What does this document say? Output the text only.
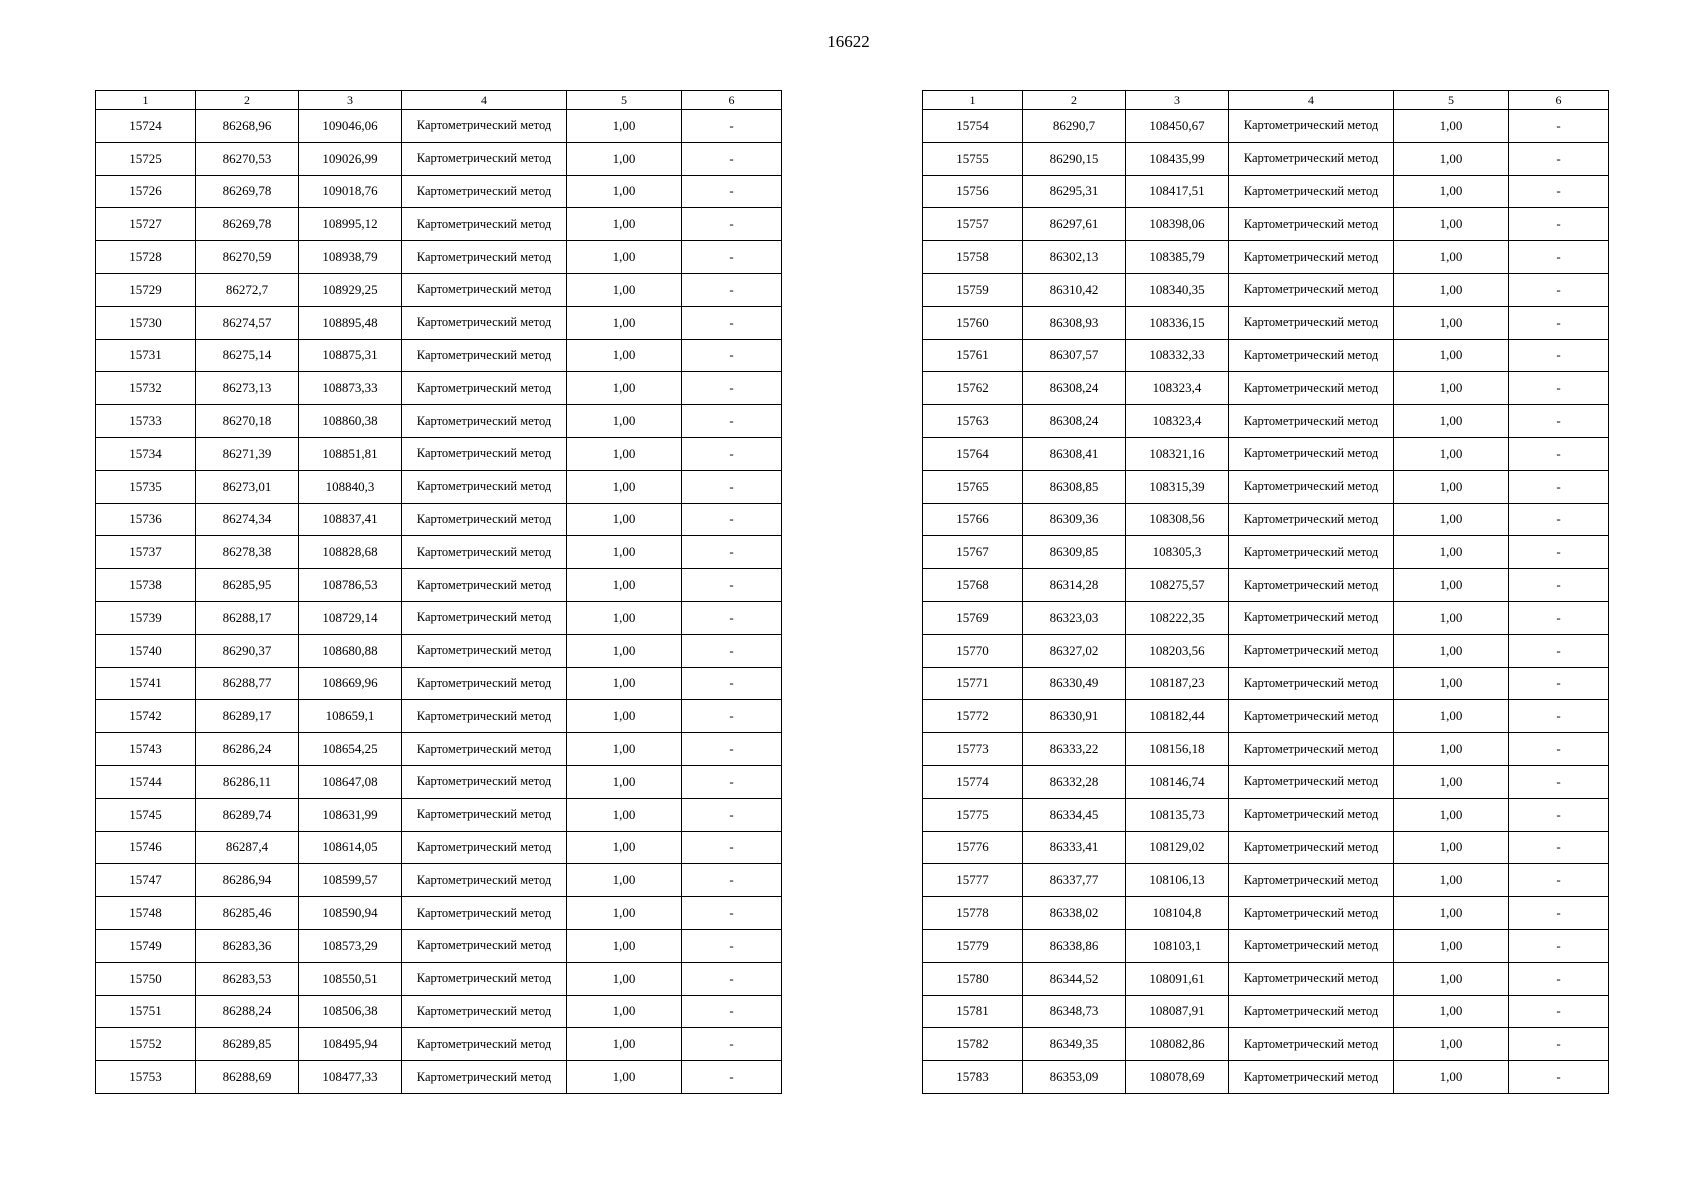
16622
1	2	3	4	5	6
15724	86268,96	109046,06	Картометрический метод	1,00	-
15725	86270,53	109026,99	Картометрический метод	1,00	-
15726	86269,78	109018,76	Картометрический метод	1,00	-
15727	86269,78	108995,12	Картометрический метод	1,00	-
15728	86270,59	108938,79	Картометрический метод	1,00	-
15729	86272,7	108929,25	Картометрический метод	1,00	-
15730	86274,57	108895,48	Картометрический метод	1,00	-
15731	86275,14	108875,31	Картометрический метод	1,00	-
15732	86273,13	108873,33	Картометрический метод	1,00	-
15733	86270,18	108860,38	Картометрический метод	1,00	-
15734	86271,39	108851,81	Картометрический метод	1,00	-
15735	86273,01	108840,3	Картометрический метод	1,00	-
15736	86274,34	108837,41	Картометрический метод	1,00	-
15737	86278,38	108828,68	Картометрический метод	1,00	-
15738	86285,95	108786,53	Картометрический метод	1,00	-
15739	86288,17	108729,14	Картометрический метод	1,00	-
15740	86290,37	108680,88	Картометрический метод	1,00	-
15741	86288,77	108669,96	Картометрический метод	1,00	-
15742	86289,17	108659,1	Картометрический метод	1,00	-
15743	86286,24	108654,25	Картометрический метод	1,00	-
15744	86286,11	108647,08	Картометрический метод	1,00	-
15745	86289,74	108631,99	Картометрический метод	1,00	-
15746	86287,4	108614,05	Картометрический метод	1,00	-
15747	86286,94	108599,57	Картометрический метод	1,00	-
15748	86285,46	108590,94	Картометрический метод	1,00	-
15749	86283,36	108573,29	Картометрический метод	1,00	-
15750	86283,53	108550,51	Картометрический метод	1,00	-
15751	86288,24	108506,38	Картометрический метод	1,00	-
15752	86289,85	108495,94	Картометрический метод	1,00	-
15753	86288,69	108477,33	Картометрический метод	1,00	-
1	2	3	4	5	6
15754	86290,7	108450,67	Картометрический метод	1,00	-
15755	86290,15	108435,99	Картометрический метод	1,00	-
15756	86295,31	108417,51	Картометрический метод	1,00	-
15757	86297,61	108398,06	Картометрический метод	1,00	-
15758	86302,13	108385,79	Картометрический метод	1,00	-
15759	86310,42	108340,35	Картометрический метод	1,00	-
15760	86308,93	108336,15	Картометрический метод	1,00	-
15761	86307,57	108332,33	Картометрический метод	1,00	-
15762	86308,24	108323,4	Картометрический метод	1,00	-
15763	86308,24	108323,4	Картометрический метод	1,00	-
15764	86308,41	108321,16	Картометрический метод	1,00	-
15765	86308,85	108315,39	Картометрический метод	1,00	-
15766	86309,36	108308,56	Картометрический метод	1,00	-
15767	86309,85	108305,3	Картометрический метод	1,00	-
15768	86314,28	108275,57	Картометрический метод	1,00	-
15769	86323,03	108222,35	Картометрический метод	1,00	-
15770	86327,02	108203,56	Картометрический метод	1,00	-
15771	86330,49	108187,23	Картометрический метод	1,00	-
15772	86330,91	108182,44	Картометрический метод	1,00	-
15773	86333,22	108156,18	Картометрический метод	1,00	-
15774	86332,28	108146,74	Картометрический метод	1,00	-
15775	86334,45	108135,73	Картометрический метод	1,00	-
15776	86333,41	108129,02	Картометрический метод	1,00	-
15777	86337,77	108106,13	Картометрический метод	1,00	-
15778	86338,02	108104,8	Картометрический метод	1,00	-
15779	86338,86	108103,1	Картометрический метод	1,00	-
15780	86344,52	108091,61	Картометрический метод	1,00	-
15781	86348,73	108087,91	Картометрический метод	1,00	-
15782	86349,35	108082,86	Картометрический метод	1,00	-
15783	86353,09	108078,69	Картометрический метод	1,00	-
